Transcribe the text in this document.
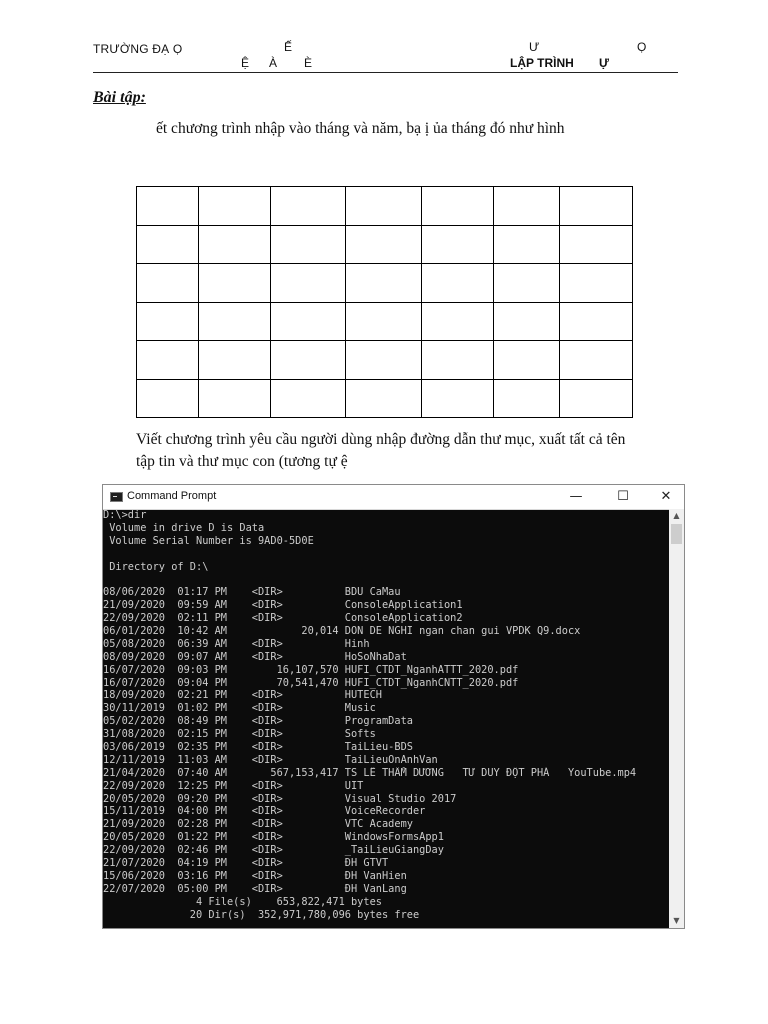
TRƯỜNG ĐẠ Ọ	Ế
Ệ À È
Ư	Ọ
LẬP TRÌNH Ự
Bài tập:
ết chương trình nhập vào tháng và năm, bạ ị ủa tháng đó như hình

Viết chương trình yêu cầu người dùng nhập đường dẫn thư mục, xuất tất cả tên
tập tin và thư mục con (tương tự ệ
Command Prompt	—	☐	✕
D:\>dir
Volume in drive D is Data
Volume Serial Number is 9AD0-5D0E
Directory of D:\
08/06/2020  01:17 PM    <DIR>          BDU CaMau
21/09/2020  09:59 AM    <DIR>          ConsoleApplication1
22/09/2020  02:11 PM    <DIR>          ConsoleApplication2
06/01/2020  10:42 AM            20,014 DON DE NGHI ngan chan gui VPDK Q9.docx
05/08/2020  06:39 AM    <DIR>          Hinh
08/09/2020  09:07 AM    <DIR>          HoSoNhaDat
16/07/2020  09:03 PM        16,107,570 HUFI_CTDT_NganhATTT_2020.pdf
16/07/2020  09:04 PM        70,541,470 HUFI_CTDT_NganhCNTT_2020.pdf
18/09/2020  02:21 PM    <DIR>          HUTECH
30/11/2019  01:02 PM    <DIR>          Music
05/02/2020  08:49 PM    <DIR>          ProgramData
31/08/2020  02:15 PM    <DIR>          Softs
03/06/2019  02:35 PM    <DIR>          TaiLieu-BDS
12/11/2019  11:03 AM    <DIR>          TaiLieuOnAnhVan
21/04/2020  07:40 AM       567,153,417 TS LÊ THẨM DƯƠNG   TƯ DUY ĐỘT PHÁ   YouTube.mp4
22/09/2020  12:25 PM    <DIR>          UIT
20/05/2020  09:20 PM    <DIR>          Visual Studio 2017
15/11/2019  04:00 PM    <DIR>          VoiceRecorder
21/09/2020  02:28 PM    <DIR>          VTC Academy
20/05/2020  01:22 PM    <DIR>          WindowsFormsApp1
22/09/2020  02:46 PM    <DIR>          _TaiLieuGiangDay
21/07/2020  04:19 PM    <DIR>          ĐH GTVT
15/06/2020  03:16 PM    <DIR>          ĐH VanHien
22/07/2020  05:00 PM    <DIR>          ĐH VanLang
4 File(s)    653,822,471 bytes
20 Dir(s)  352,971,780,096 bytes free
▲
▼
